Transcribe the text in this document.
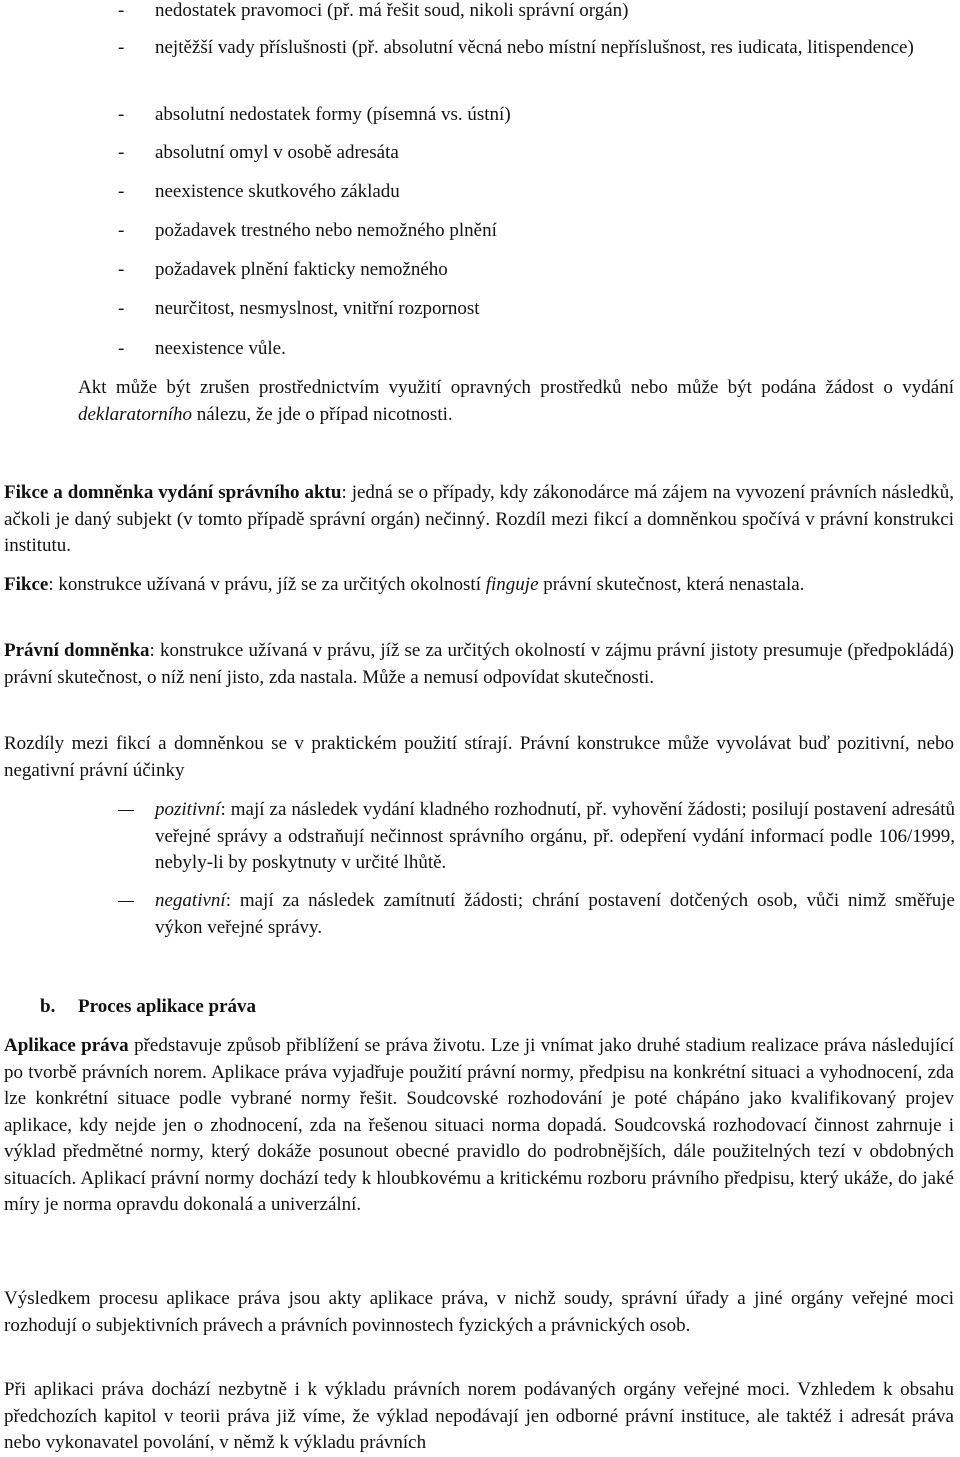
- nedostatek pravomoci (př. má řešit soud, nikoli správní orgán)
- nejtěžší vady příslušnosti (př. absolutní věcná nebo místní nepříslušnost, res iudicata, litispendence)
- absolutní nedostatek formy (písemná vs. ústní)
- absolutní omyl v osobě adresáta
- neexistence skutkového základu
- požadavek trestného nebo nemožného plnění
- požadavek plnění fakticky nemožného
- neurčitost, nesmyslnost, vnitřní rozpornost
- neexistence vůle.

Akt může být zrušen prostřednictvím využití opravných prostředků nebo může být podána žádost o vydání deklaratorního nálezu, že jde o případ nicotnosti.

Fikce a domněnka vydání správního aktu: jedná se o případy, kdy zákonodárce má zájem na vyvození právních následků, ačkoli je daný subjekt (v tomto případě správní orgán) nečinný. Rozdíl mezi fikcí a domněnkou spočívá v právní konstrukci institutu.

Fikce: konstrukce užívaná v právu, jíž se za určitých okolností finguje právní skutečnost, která nenastala.

Právní domněnka: konstrukce užívaná v právu, jíž se za určitých okolností v zájmu právní jistoty presumuje (předpokládá) právní skutečnost, o níž není jisto, zda nastala. Může a nemusí odpovídat skutečnosti.

Rozdíly mezi fikcí a domněnkou se v praktickém použití stírají. Právní konstrukce může vyvolávat buď pozitivní, nebo negativní právní účinky

pozitivní: mají za následek vydání kladného rozhodnutí, př. vyhovění žádosti; posilují postavení adresátů veřejné správy a odstraňují nečinnost správního orgánu, př. odepření vydání informací podle 106/1999, nebyly-li by poskytnuty v určité lhůtě.

negativní: mají za následek zamítnutí žádosti; chrání postavení dotčených osob, vůči nimž směřuje výkon veřejné správy.

b. Proces aplikace práva

Aplikace práva představuje způsob přiblížení se práva životu. Lze ji vnímat jako druhé stadium realizace práva následující po tvorbě právních norem. Aplikace práva vyjadřuje použití právní normy, předpisu na konkrétní situaci a vyhodnocení, zda lze konkrétní situace podle vybrané normy řešit. Soudcovské rozhodování je poté chápáno jako kvalifikovaný projev aplikace, kdy nejde jen o zhodnocení, zda na řešenou situaci norma dopadá. Soudcovská rozhodovací činnost zahrnuje i výklad předmětné normy, který dokáže posunout obecné pravidlo do podrobnějších, dále použitelných tezí v obdobných situacích. Aplikací právní normy dochází tedy k hloubkovému a kritickému rozboru právního předpisu, který ukáže, do jaké míry je norma opravdu dokonalá a univerzální.

Výsledkem procesu aplikace práva jsou akty aplikace práva, v nichž soudy, správní úřady a jiné orgány veřejné moci rozhodují o subjektivních právech a právních povinnostech fyzických a právnických osob.

Při aplikaci práva dochází nezbytně i k výkladu právních norem podávaných orgány veřejné moci. Vzhledem k obsahu předchozích kapitol v teorii práva již víme, že výklad nepodávají jen odborné právní instituce, ale taktéž i adresát práva nebo vykonavatel povolání, v němž k výkladu právních
